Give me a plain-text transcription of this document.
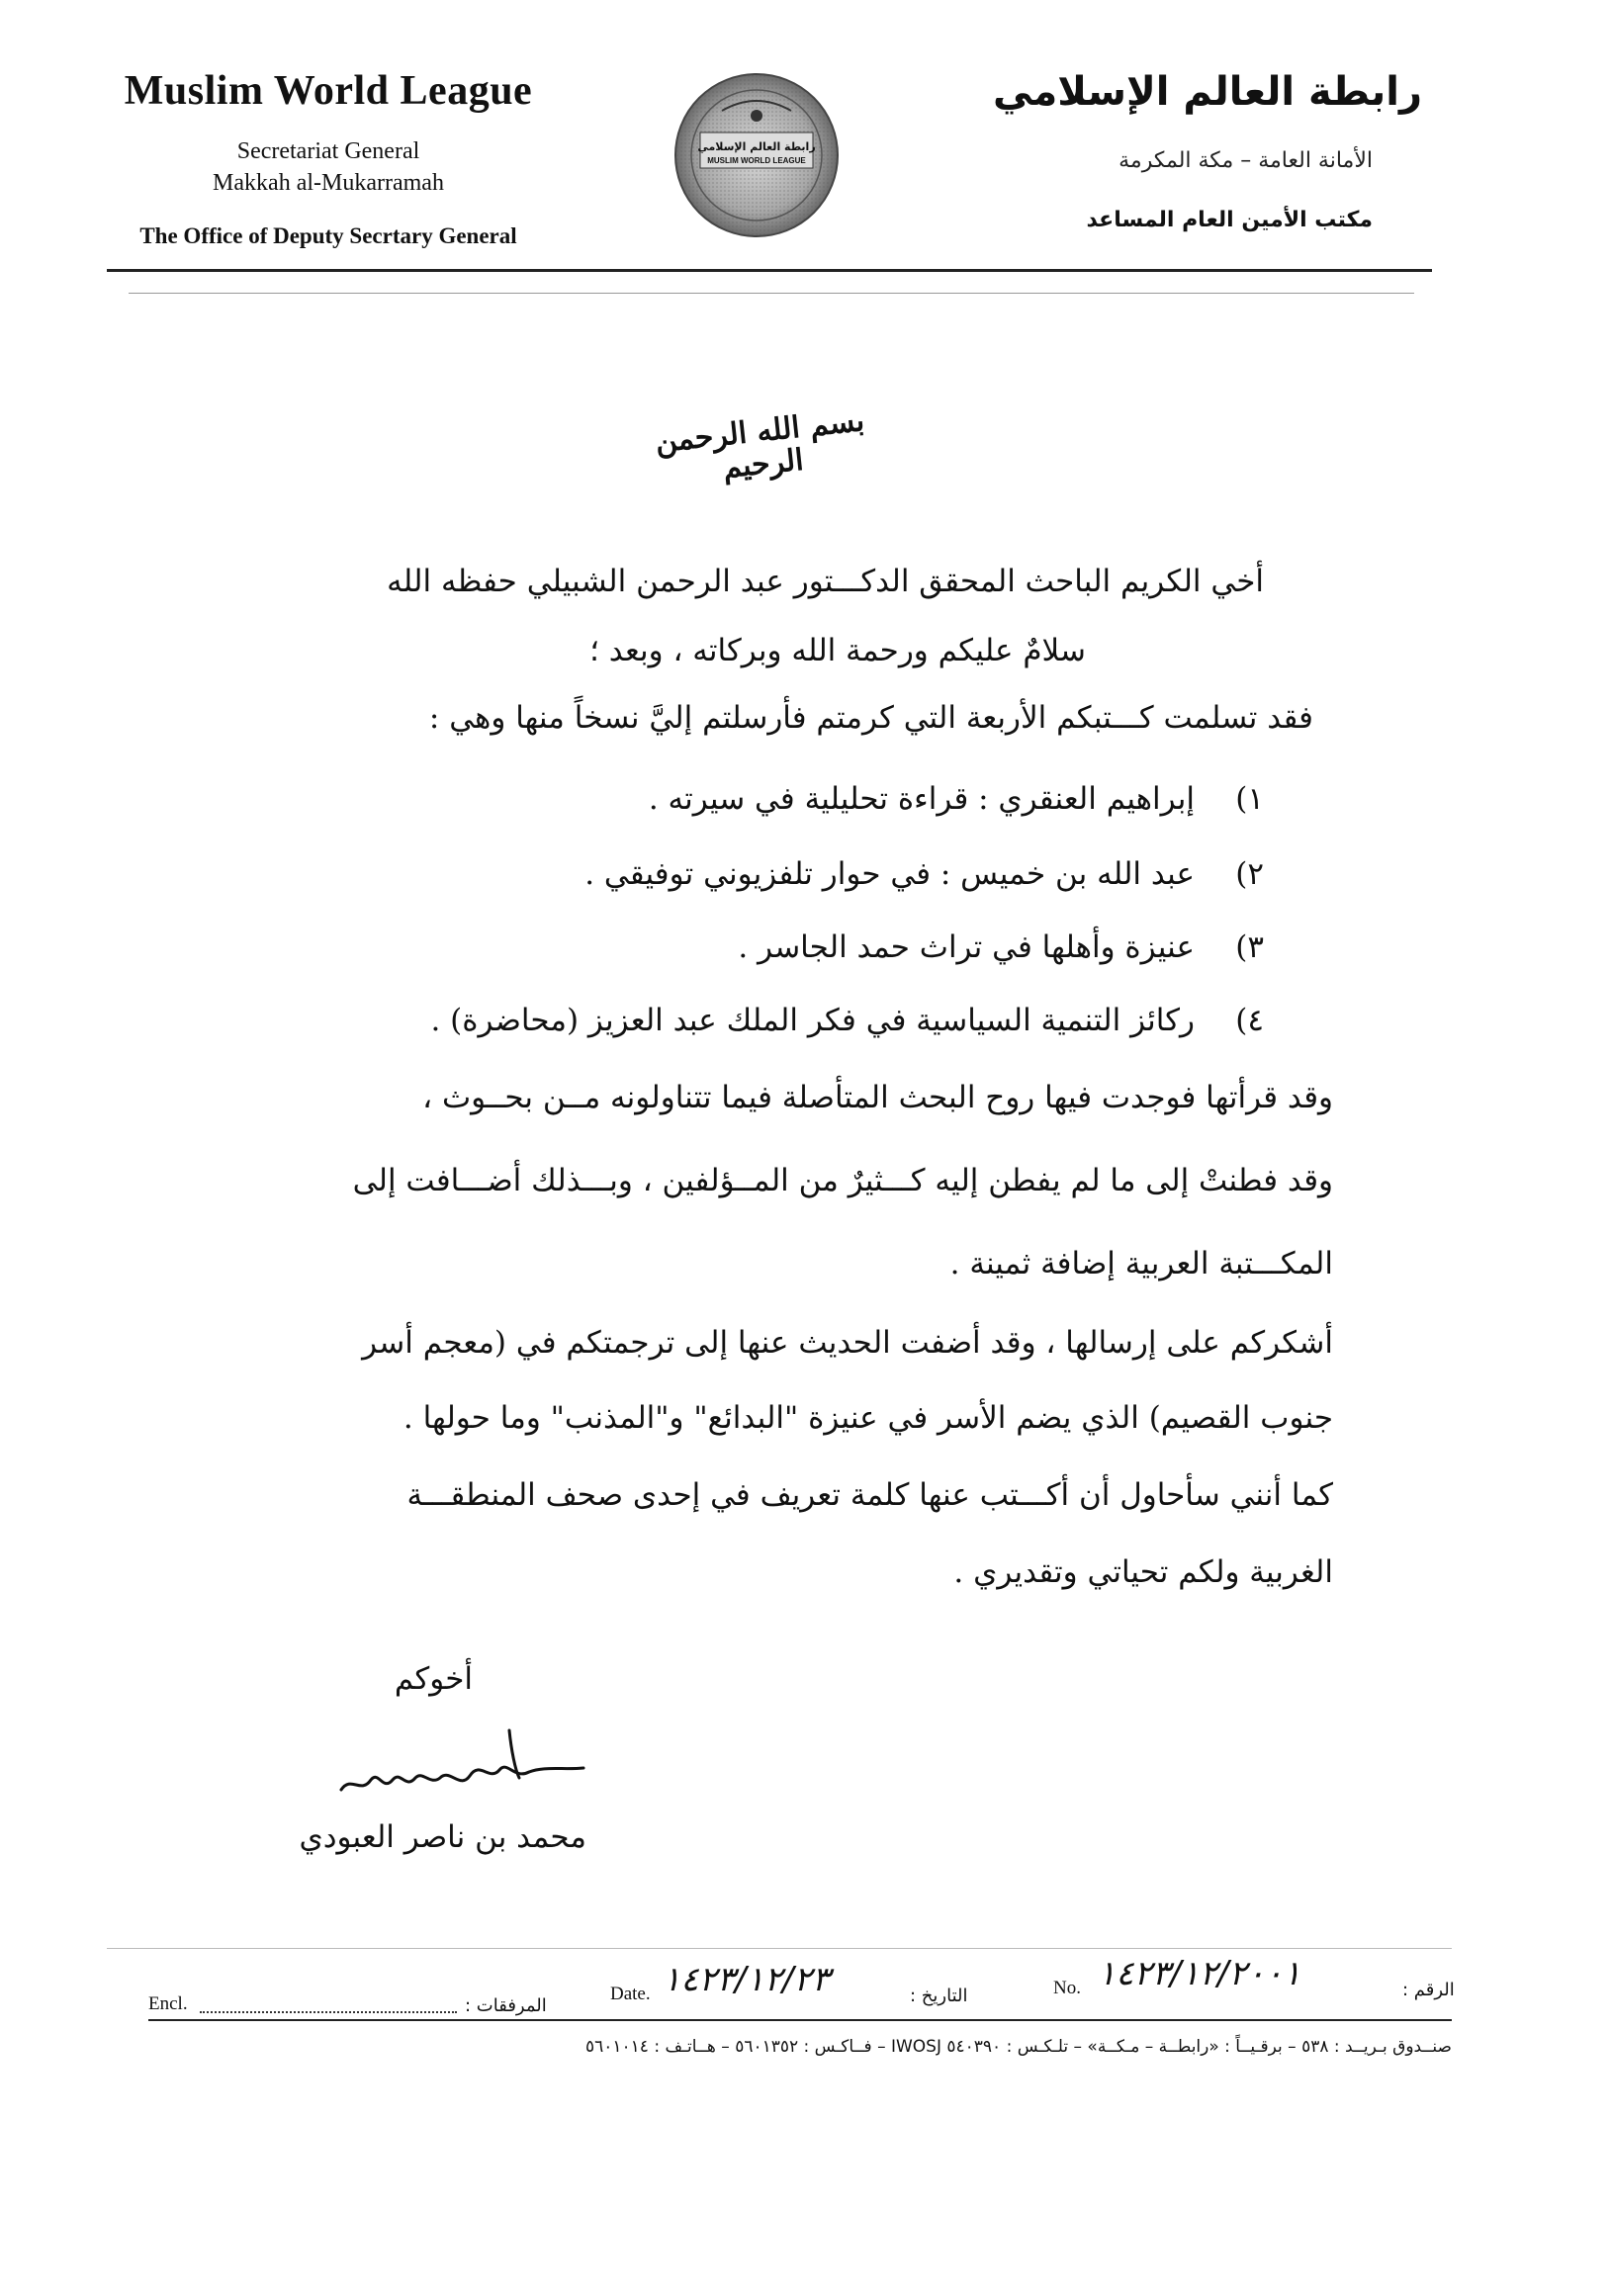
Muslim World League
Secretariat General
Makkah al-Mukarramah
The Office of Deputy Secrtary General
رابطة العالم الإسلامي
MUSLIM WORLD LEAGUE
رابطة العالم الإسلامي
الأمانة العامة – مكة المكرمة
مكتب الأمين العام المساعد
بسم الله الرحمن الرحيم
أخي الكريم الباحث المحقق الدكـــتور عبد الرحمن الشبيلي حفظه الله
سلامٌ عليكم ورحمة الله وبركاته ، وبعد ؛
فقد تسلمت كـــتبكم الأربعة التي كرمتم فأرسلتم إليَّ نسخاً منها وهي :
١)
إبراهيم العنقري : قراءة تحليلية في سيرته .
٢)
عبد الله بن خميس : في حوار تلفزيوني توفيقي .
٣)
عنيزة وأهلها في تراث حمد الجاسر .
٤)
ركائز التنمية السياسية في فكر الملك عبد العزيز (محاضرة) .
وقد قرأتها فوجدت فيها روح البحث المتأصلة فيما تتناولونه مــن بحــوث ،
وقد فطنتْ إلى ما لم يفطن إليه كـــثيرٌ من المــؤلفين ، وبـــذلك أضـــافت إلى
المكـــتبة العربية إضافة ثمينة .
أشكركم على إرسالها ، وقد أضفت الحديث عنها إلى ترجمتكم في (معجم أسر
جنوب القصيم) الذي يضم الأسر في عنيزة "البدائع" و"المذنب" وما حولها .
كما أنني سأحاول أن أكـــتب عنها كلمة تعريف في إحدى صحف المنطقـــة
الغربية ولكم تحياتي وتقديري .
أخوكم
محمد بن ناصر العبودي
Encl.	المرفقات :
Date. ١٤٢٣/١٢/٢٣	التاريخ :	No. ١٤٢٣/١٢/٢٠٠١	الرقم :
صنــدوق بـريــد : ٥٣٨ – برقـيــاً : «رابطــة – مـكــة» – تلـكـس : ٥٤٠٣٩٠ IWOSJ – فــاكـس : ٥٦٠١٣٥٢ – هــاتـف : ٥٦٠١٠١٤
